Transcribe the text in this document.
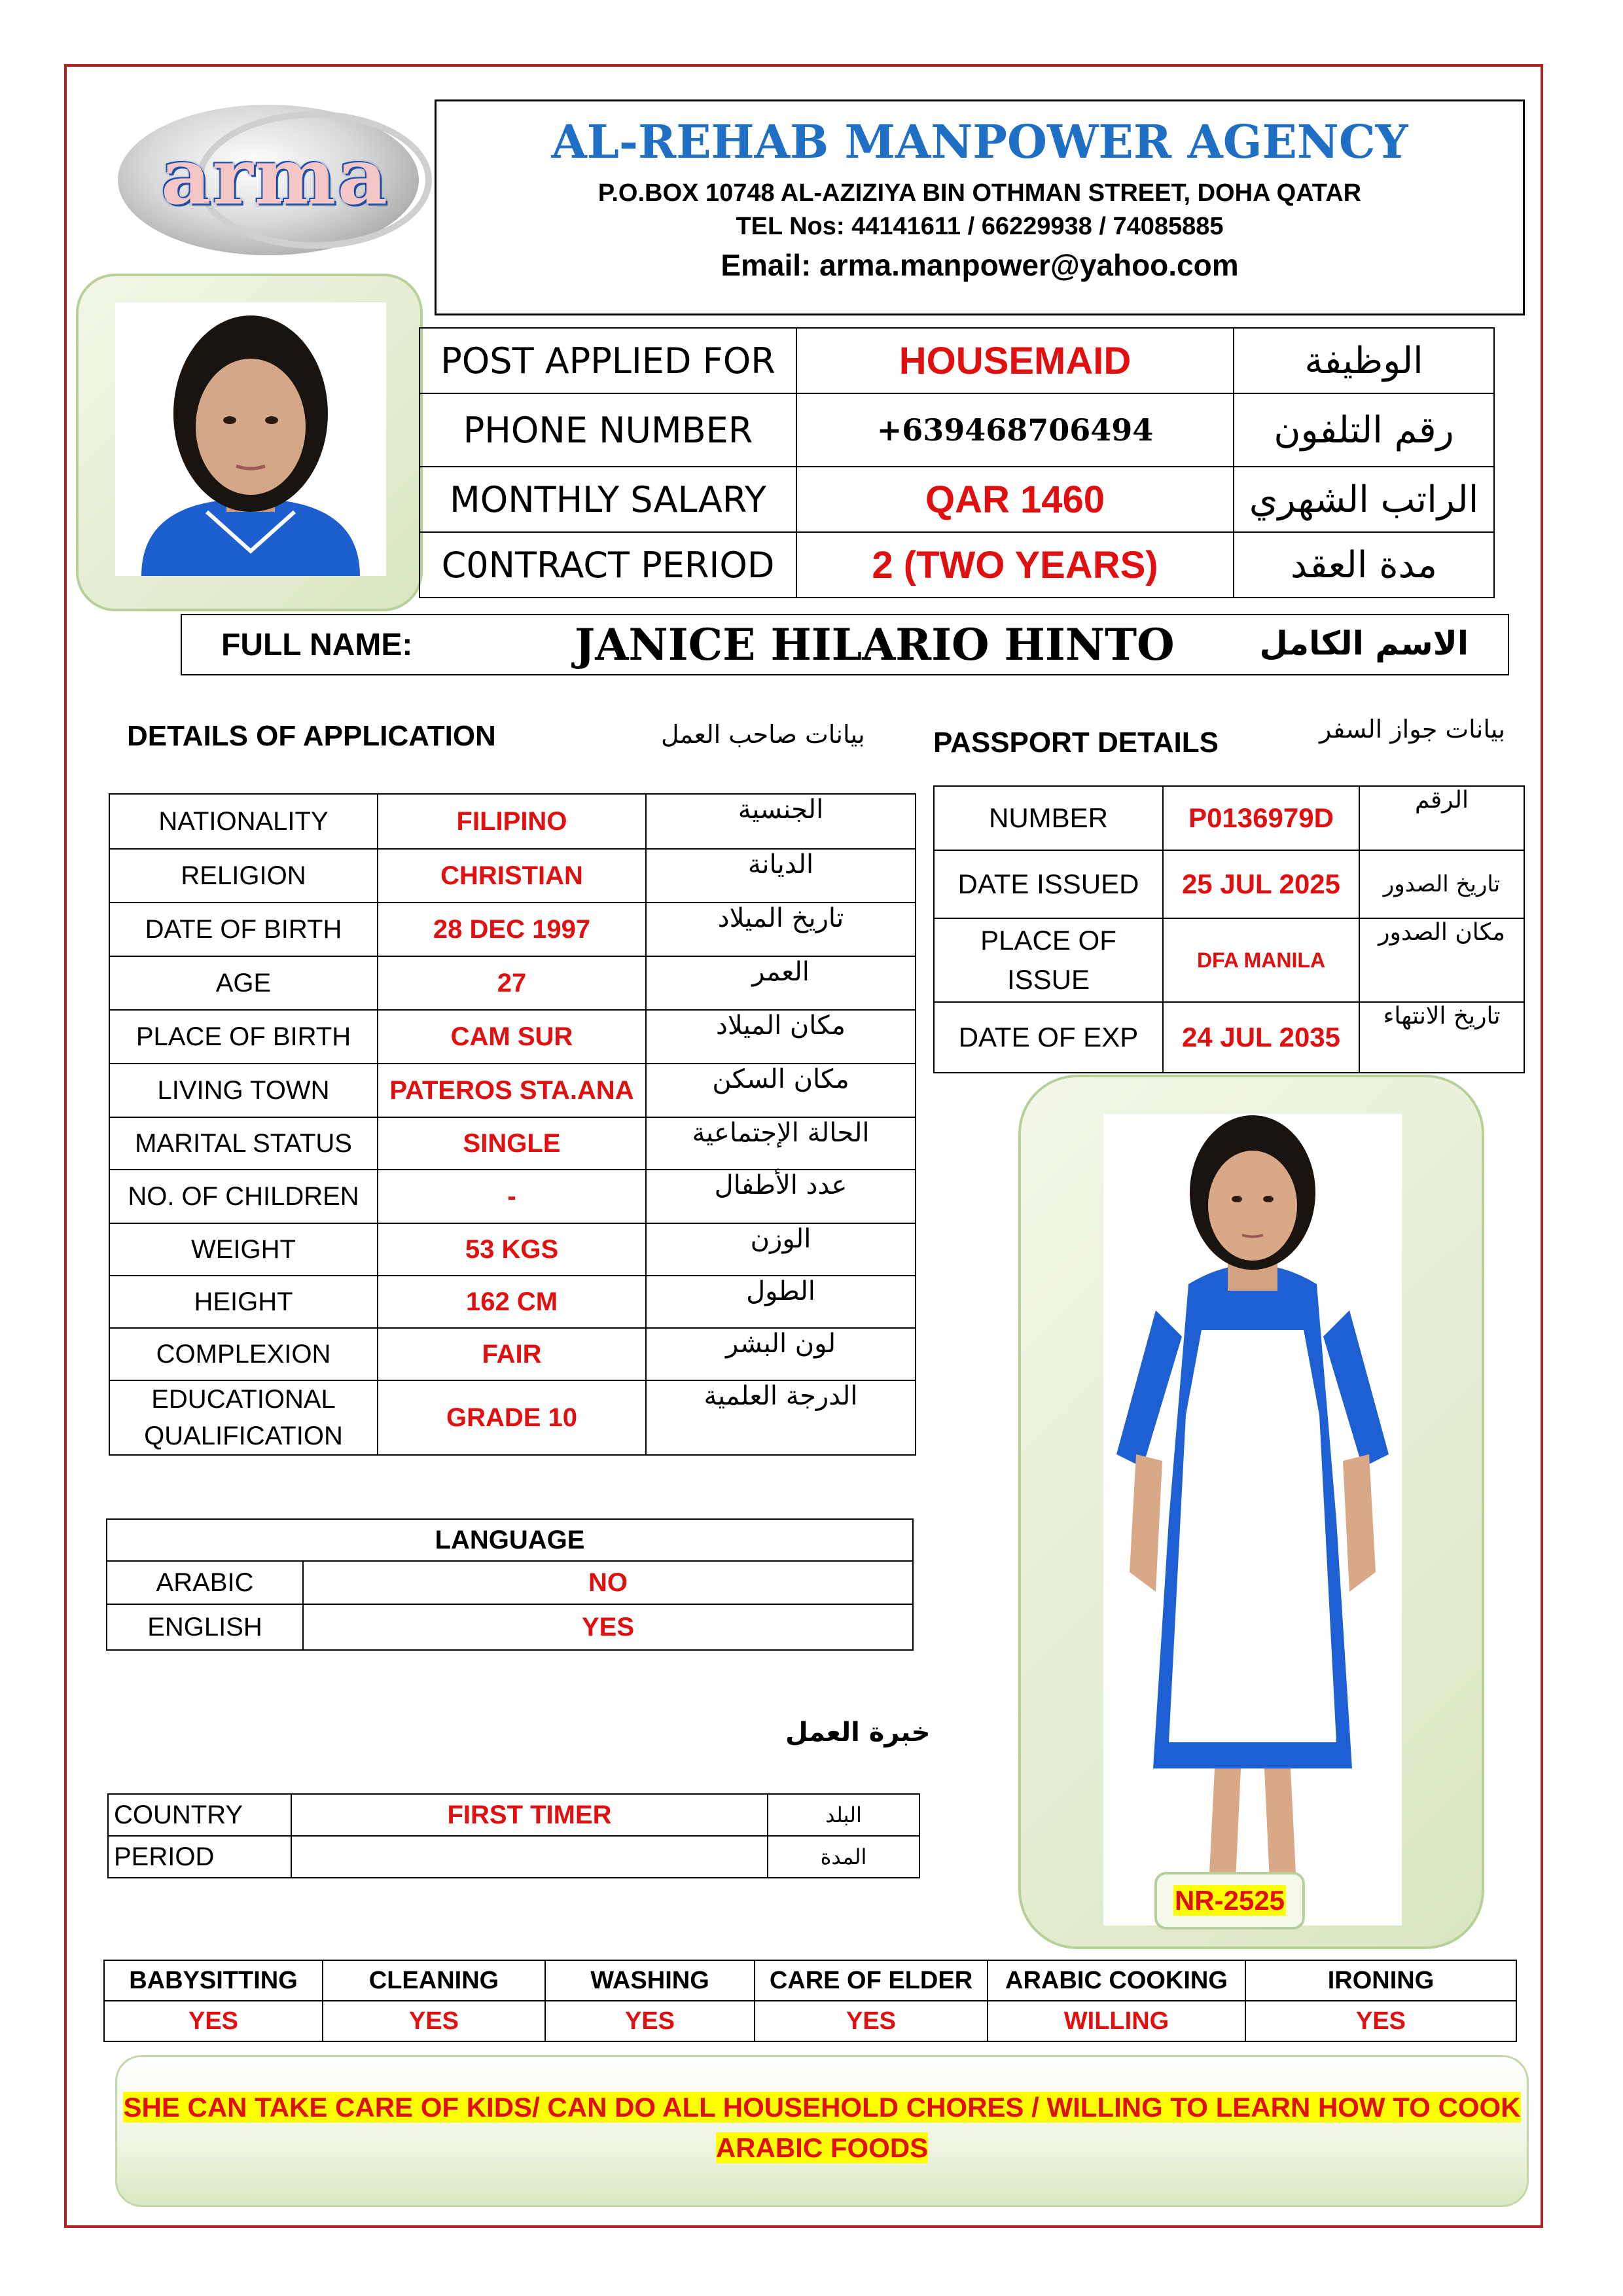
arma	AL-REHAB MANPOWER AGENCY
P.O.BOX 10748 AL-AZIZIYA BIN OTHMAN STREET, DOHA QATAR
TEL Nos: 44141611 / 66229938 / 74085885
Email: arma.manpower@yahoo.com
POST APPLIED FOR	HOUSEMAID	الوظيفة
PHONE NUMBER	+639468706494	رقم التلفون
MONTHLY SALARY	QAR 1460	الراتب الشهري
C0NTRACT PERIOD	2 (TWO YEARS)	مدة العقد
FULL NAME:	JANICE HILARIO HINTO	الاسم الكامل
DETAILS OF APPLICATION	بيانات صاحب العمل PASSPORT DETAILS	بيانات جواز السفر
NATIONALITY	FILIPINO	الجنسية
RELIGION	CHRISTIAN	الديانة
DATE OF BIRTH	28 DEC 1997	تاريخ الميلاد
AGE	27	العمر
PLACE OF BIRTH	CAM SUR	مكان الميلاد
LIVING TOWN	PATEROS STA.ANA	مكان السكن
MARITAL STATUS	SINGLE	الحالة الإجتماعية
NO. OF CHILDREN	-	عدد الأطفال
WEIGHT	53 KGS	الوزن
HEIGHT	162 CM	الطول
COMPLEXION	FAIR	لون البشر
EDUCATIONAL QUALIFICATION	GRADE 10	الدرجة العلمية
NUMBER	P0136979D	الرقم
DATE ISSUED	25 JUL 2025	تاريخ الصدور
PLACE OF ISSUE	DFA MANILA	مكان الصدور
DATE OF EXP	24 JUL 2035	تاريخ الانتهاء
NR-2525
LANGUAGE	
ARABIC	NO
ENGLISH	YES
خبرة العمل
COUNTRY	FIRST TIMER	البلد
PERIOD		المدة
BABYSITTING	CLEANING	WASHING	CARE OF ELDER	ARABIC COOKING	IRONING
YES	YES	YES	YES	WILLING	YES
SHE CAN TAKE CARE OF KIDS/ CAN DO ALL HOUSEHOLD CHORES / WILLING TO LEARN HOW TO COOK
ARABIC FOODS
